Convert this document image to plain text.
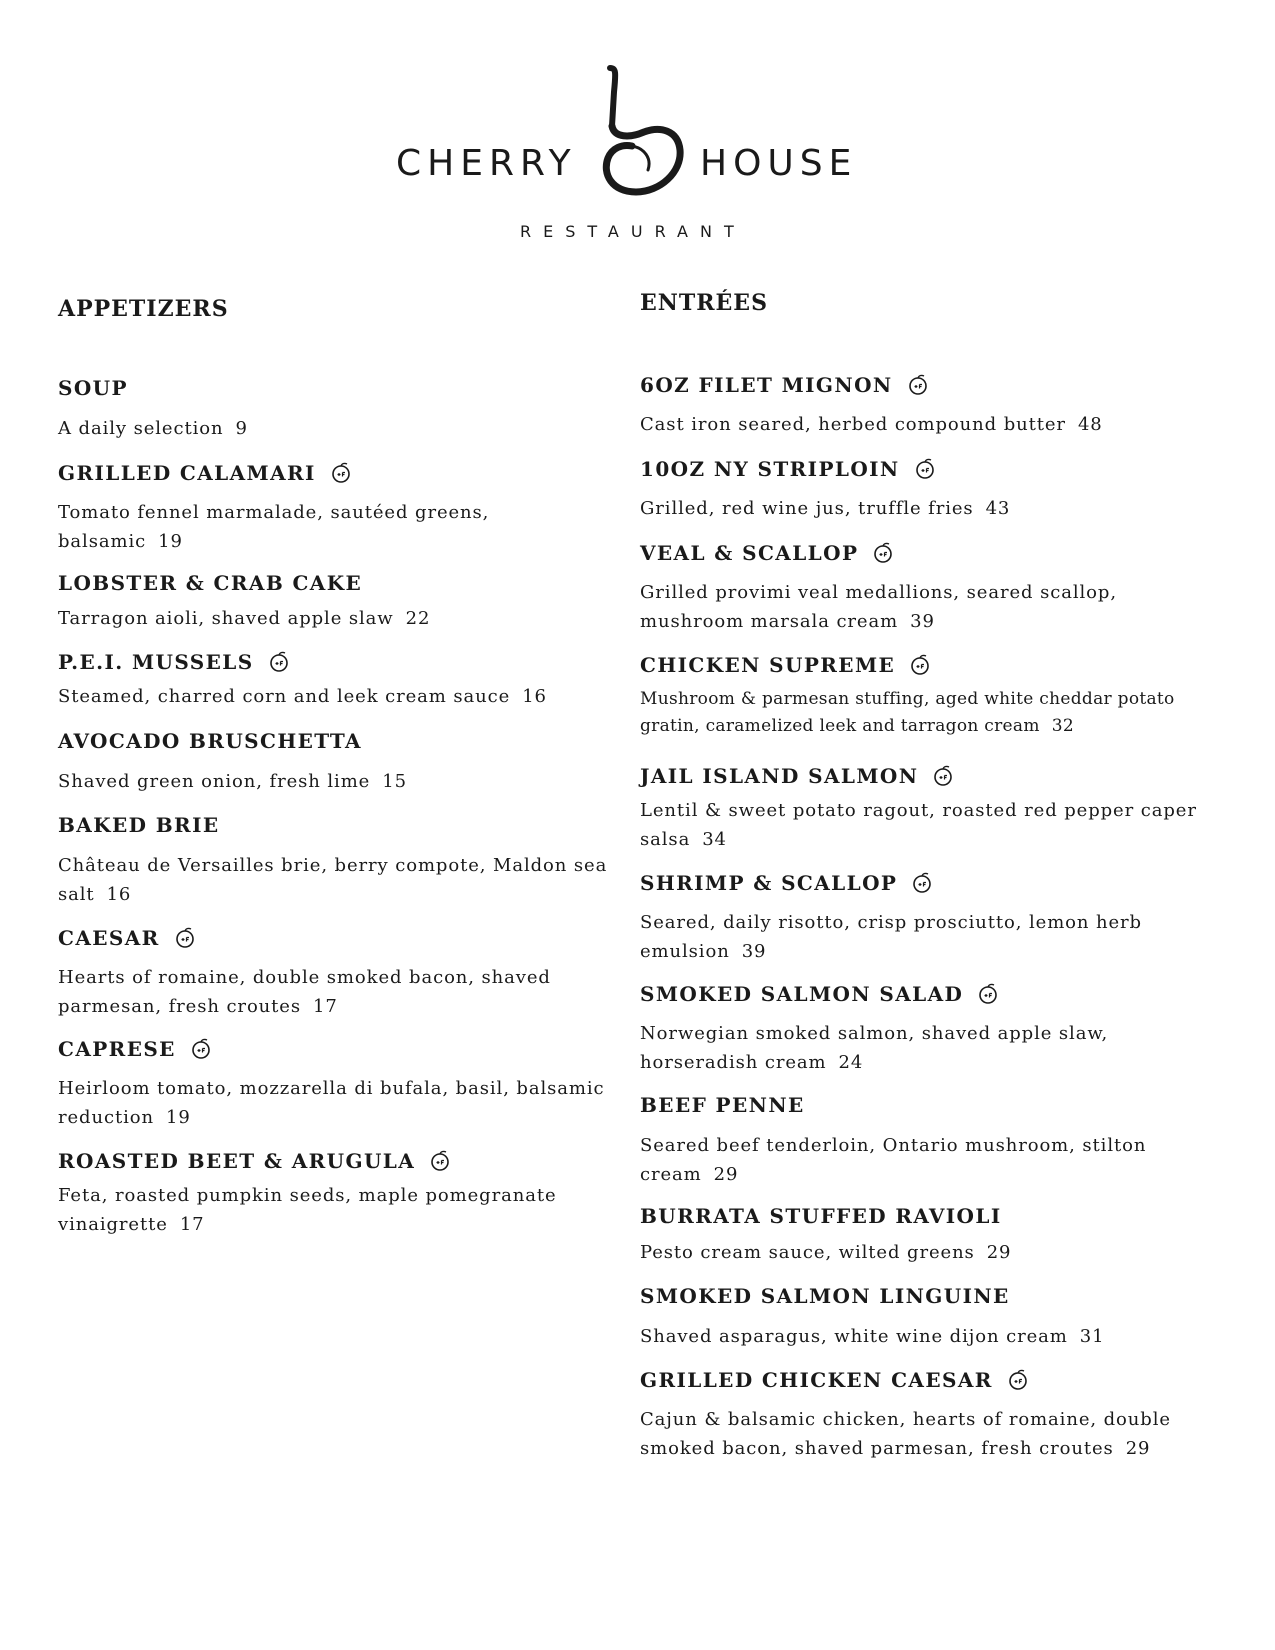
CHERRY	HOUSE
RESTAURANT
APPETIZERS
SOUP
A daily selection 9
GRILLED CALAMARI
Tomato fennel marmalade, sautéed greens, balsamic 19
LOBSTER & CRAB CAKE
Tarragon aioli, shaved apple slaw 22
P.E.I. MUSSELS
Steamed, charred corn and leek cream sauce 16
AVOCADO BRUSCHETTA
Shaved green onion, fresh lime 15
BAKED BRIE
Château de Versailles brie, berry compote, Maldon sea salt 16
CAESAR
Hearts of romaine, double smoked bacon, shaved parmesan, fresh croutes 17
CAPRESE
Heirloom tomato, mozzarella di bufala, basil, balsamic reduction 19
ROASTED BEET & ARUGULA
Feta, roasted pumpkin seeds, maple pomegranate vinaigrette 17
ENTRÉES
6OZ FILET MIGNON
Cast iron seared, herbed compound butter 48
10OZ NY STRIPLOIN
Grilled, red wine jus, truffle fries 43
VEAL & SCALLOP
Grilled provimi veal medallions, seared scallop, mushroom marsala cream 39
CHICKEN SUPREME
Mushroom & parmesan stuffing, aged white cheddar potato gratin, caramelized leek and tarragon cream 32
JAIL ISLAND SALMON
Lentil & sweet potato ragout, roasted red pepper caper salsa 34
SHRIMP & SCALLOP
Seared, daily risotto, crisp prosciutto, lemon herb emulsion 39
SMOKED SALMON SALAD
Norwegian smoked salmon, shaved apple slaw, horseradish cream 24
BEEF PENNE
Seared beef tenderloin, Ontario mushroom, stilton cream 29
BURRATA STUFFED RAVIOLI
Pesto cream sauce, wilted greens 29
SMOKED SALMON LINGUINE
Shaved asparagus, white wine dijon cream 31
GRILLED CHICKEN CAESAR
Cajun & balsamic chicken, hearts of romaine, double smoked bacon, shaved parmesan, fresh croutes 29
